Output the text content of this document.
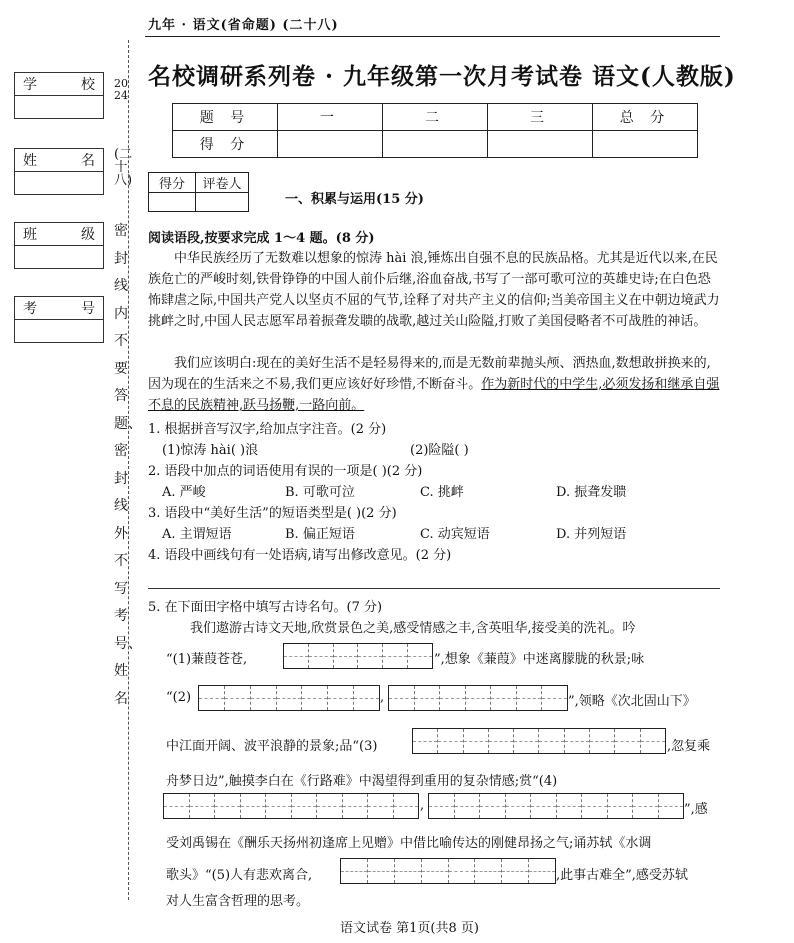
九年 · 语文(省命题) (二十八)
名校调研系列卷 · 九年级第一次月考试卷 语文(人教版)
题 号	一	二	三	总 分
得 分				
得分	评卷人

一、积累与运用(15 分)
学	校
姓	名
班	级
考	号
2024
(二十八)
密封线内不要答题、密封线外不写考号、姓名
阅读语段,按要求完成 1～4 题。(8 分)
中华民族经历了无数难以想象的惊涛 hài 浪,锤炼出自强不息的民族品格。尤其是近代以来,在民族危亡的严峻时刻,铁骨铮铮的中国人前仆后继,浴血奋战,书写了一部可歌可泣的英雄史诗;在白色恐怖肆虐之际,中国共产党人以坚贞不屈的气节,诠释了对共产主义的信仰;当美帝国主义在中朝边境武力挑衅之时,中国人民志愿军昂着振聋发聩的战歌,越过关山险隘,打败了美国侵略者不可战胜的神话。
我们应该明白:现在的美好生活不是轻易得来的,而是无数前辈抛头颅、洒热血,数想敢拼换来的,因为现在的生活来之不易,我们更应该好好珍惜,不断奋斗。作为新时代的中学生,必须发扬和继承自强不息的民族精神,跃马扬鞭,一路向前。
1. 根据拼音写汉字,给加点字注音。(2 分)
(1)惊涛 hài( )浪	(2)险隘( )
2. 语段中加点的词语使用有误的一项是( )(2 分)
A. 严峻	B. 可歌可泣	C. 挑衅	D. 振聋发聩
3. 语段中“美好生活”的短语类型是( )(2 分)
A. 主谓短语	B. 偏正短语	C. 动宾短语	D. 并列短语
4. 语段中画线句有一处语病,请写出修改意见。(2 分)
5. 在下面田字格中填写古诗名句。(7 分)
我们遨游古诗文天地,欣赏景色之美,感受情感之丰,含英咀华,接受美的洗礼。吟
“(1)蒹葭苍苍,	”,想象《蒹葭》中迷离朦胧的秋景;咏
“(2)	,	”,领略《次北固山下》
中江面开阔、波平浪静的景象;品“(3)	,忽复乘
舟梦日边”,触摸李白在《行路难》中渴望得到重用的复杂情感;赏“(4)
,	”,感
受刘禹锡在《酬乐天扬州初逢席上见赠》中借比喻传达的刚健昂扬之气;诵苏轼《水调
歌头》“(5)人有悲欢离合,	,此事古难全”,感受苏轼
对人生富含哲理的思考。
语文试卷 第1页(共8 页)
